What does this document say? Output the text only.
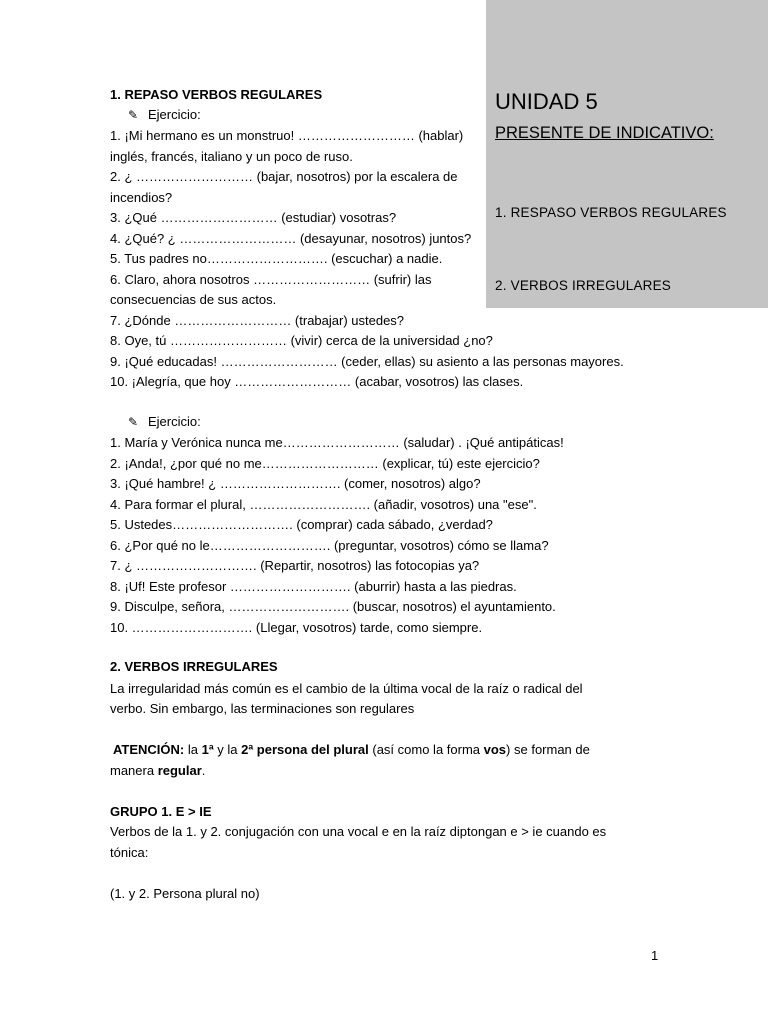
UNIDAD 5
PRESENTE DE INDICATIVO:
1. RESPASO VERBOS REGULARES
2. VERBOS IRREGULARES
1. REPASO VERBOS REGULARES
✎ Ejercicio:
1. ¡Mi hermano es un monstruo! ……………………… (hablar)
inglés, francés, italiano y un poco de ruso.
2. ¿ ……………………… (bajar, nosotros) por la escalera de
incendios?
3. ¿Qué ……………………… (estudiar) vosotras?
4. ¿Qué? ¿ ……………………… (desayunar, nosotros) juntos?
5. Tus padres no………………………. (escuchar) a nadie.
6. Claro, ahora nosotros ……………………… (sufrir) las
consecuencias de sus actos.
7. ¿Dónde ……………………… (trabajar) ustedes?
8. Oye, tú ……………………… (vivir) cerca de la universidad ¿no?
9. ¡Qué educadas! ……………………… (ceder, ellas) su asiento a las personas mayores.
10. ¡Alegría, que hoy ……………………… (acabar, vosotros) las clases.
✎ Ejercicio:
1. María y Verónica nunca me……………………… (saludar) . ¡Qué antipáticas!
2. ¡Anda!, ¿por qué no me……………………… (explicar, tú) este ejercicio?
3. ¡Qué hambre! ¿ ………………………. (comer, nosotros) algo?
4. Para formar el plural, ………………………. (añadir, vosotros) una "ese".
5. Ustedes………………………. (comprar) cada sábado, ¿verdad?
6. ¿Por qué no le………………………. (preguntar, vosotros) cómo se llama?
7. ¿ ………………………. (Repartir, nosotros) las fotocopias ya?
8. ¡Uf! Este profesor ………………………. (aburrir) hasta a las piedras.
9. Disculpe, señora, ………………………. (buscar, nosotros) el ayuntamiento.
10. ………………………. (Llegar, vosotros) tarde, como siempre.
2. VERBOS IRREGULARES
La irregularidad más común es el cambio de la última vocal de la raíz o radical del
verbo. Sin embargo, las terminaciones son regulares
ATENCIÓN: la 1ª y la 2ª persona del plural (así como la forma vos) se forman de
manera regular.
GRUPO 1. E > IE
Verbos de la 1. y 2. conjugación con una vocal e en la raíz diptongan e > ie cuando es
tónica:
(1. y 2. Persona plural no)
1
